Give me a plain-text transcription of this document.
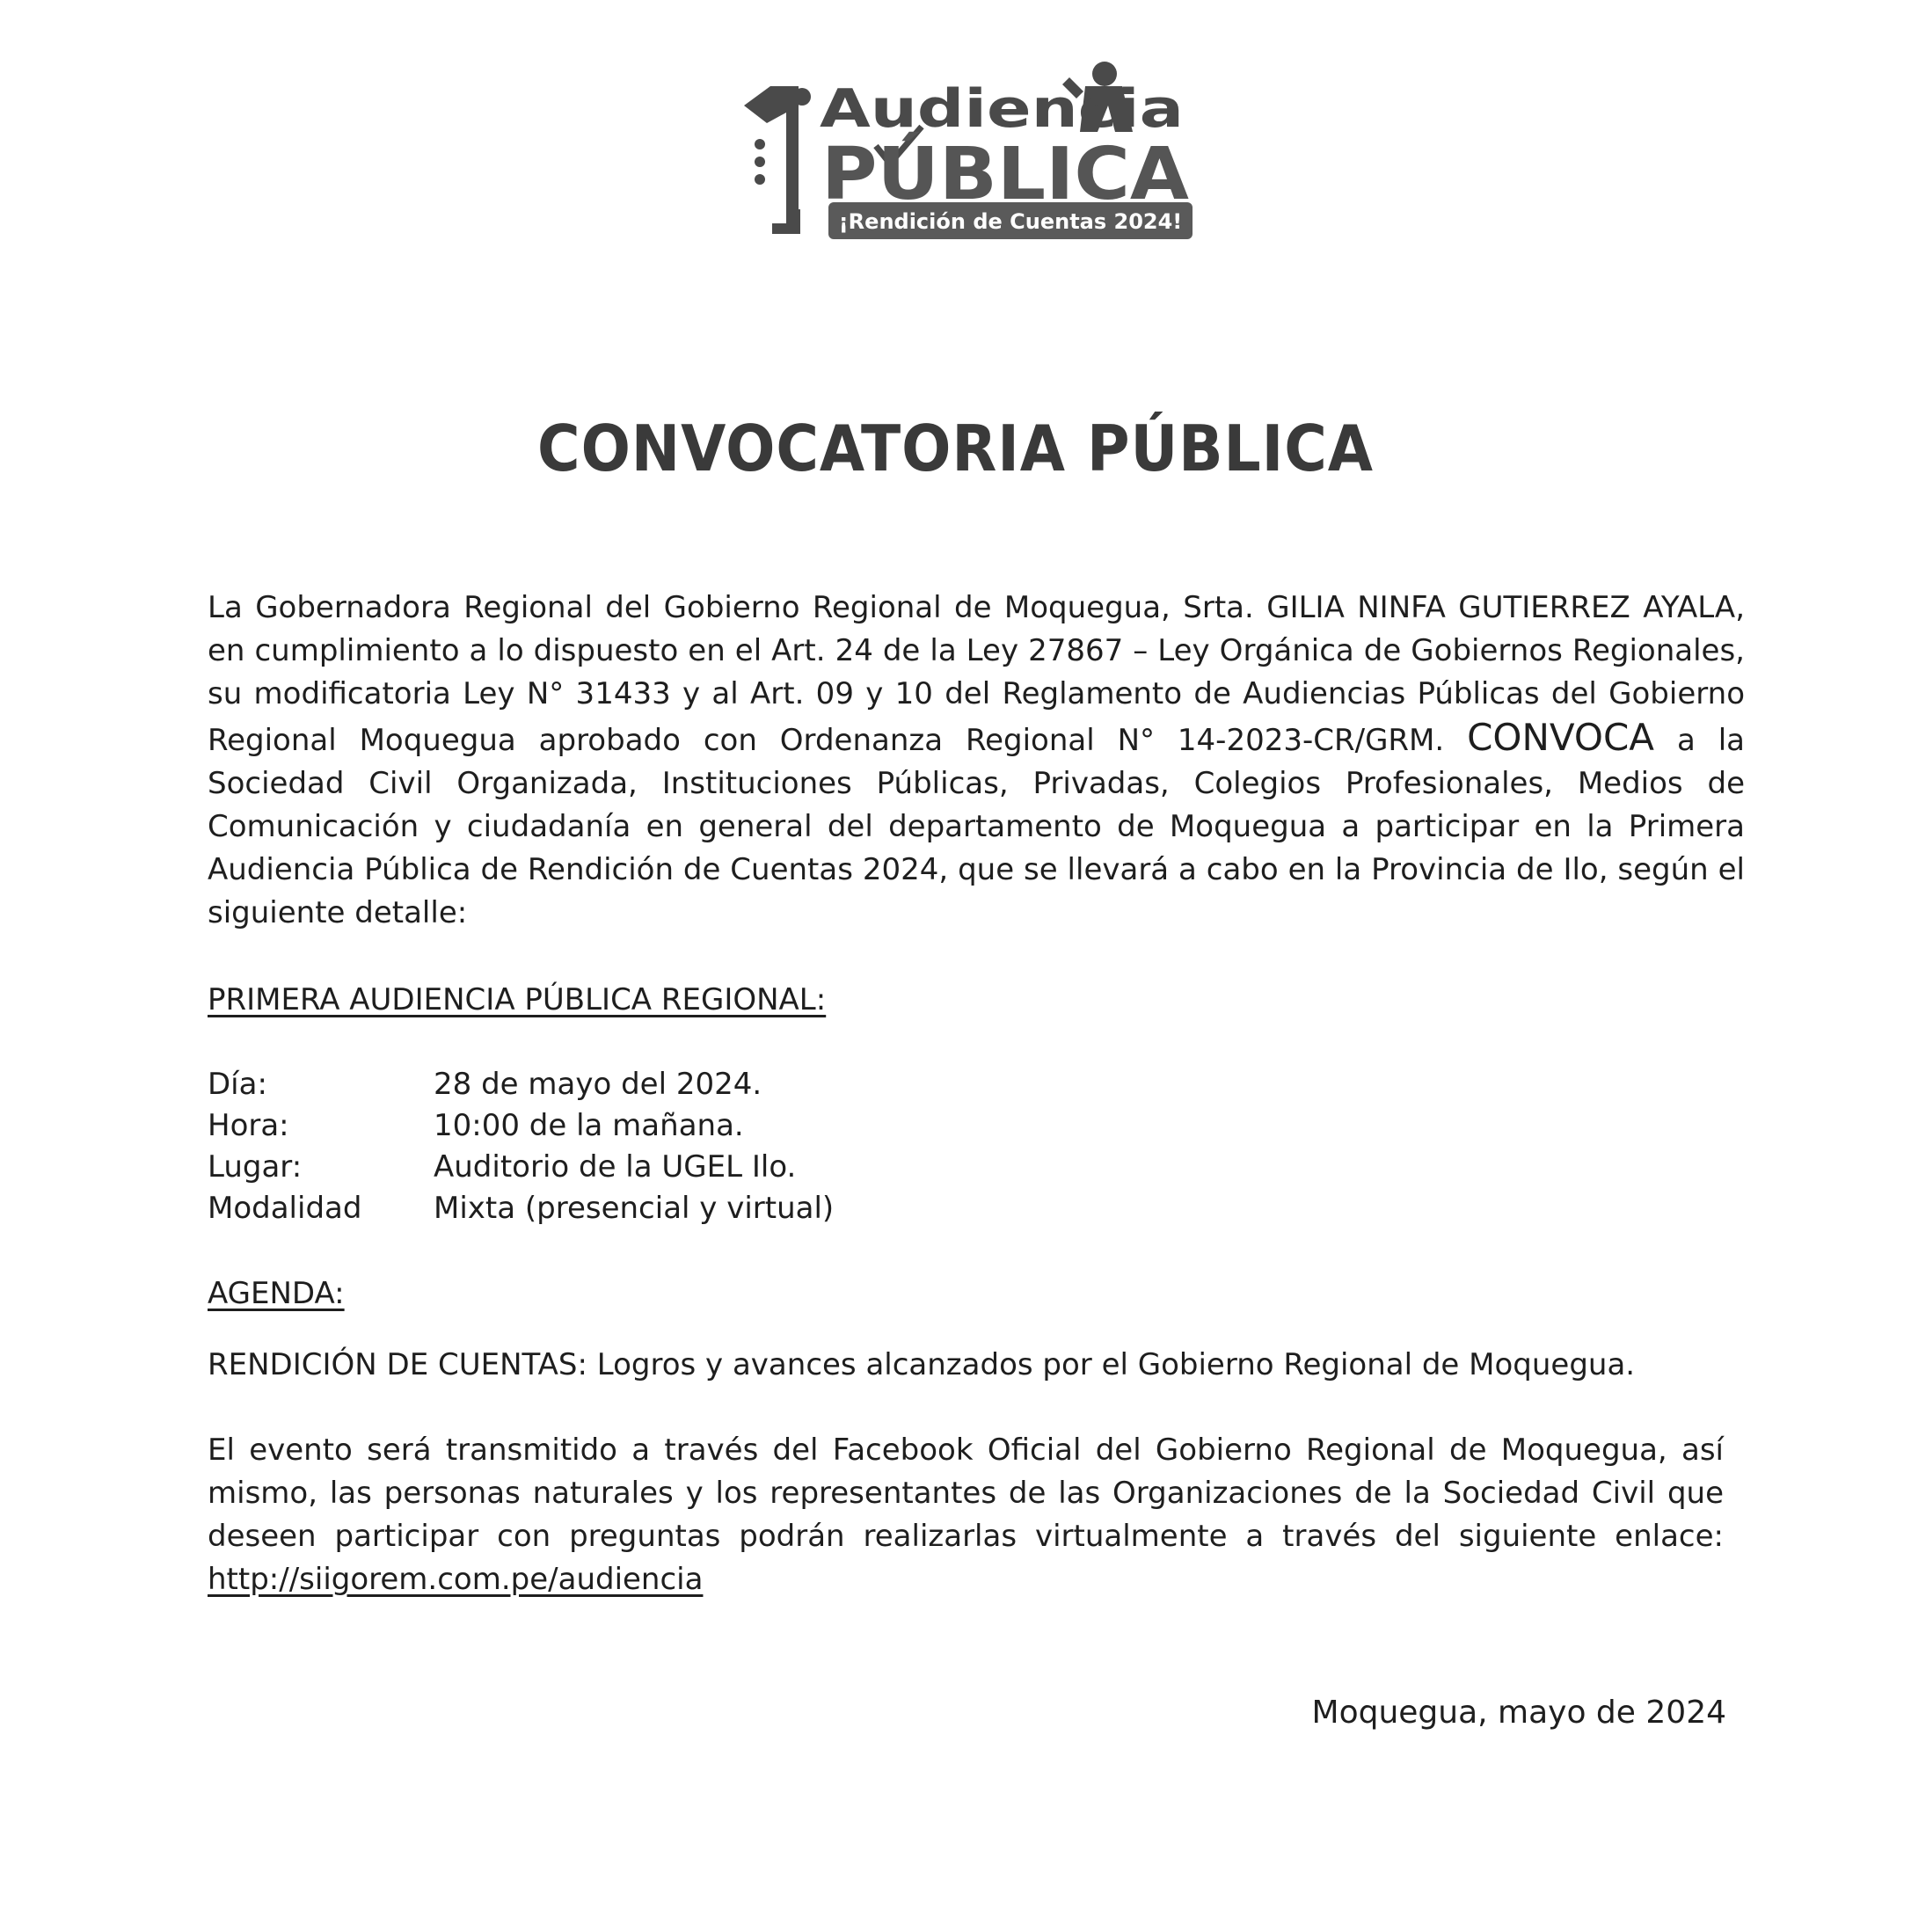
Audiencia
PÚBLICA
¡Rendición de Cuentas 2024!
CONVOCATORIA PÚBLICA
La Gobernadora Regional del Gobierno Regional de Moquegua, Srta. GILIA NINFA GUTIERREZ AYALA, en cumplimiento a lo dispuesto en el Art. 24 de la Ley 27867 – Ley Orgánica de Gobiernos Regionales, su modificatoria Ley N° 31433 y al Art. 09 y 10 del Reglamento de Audiencias Públicas del Gobierno Regional Moquegua aprobado con Ordenanza Regional N° 14-2023-CR/GRM. CONVOCA a la Sociedad Civil Organizada, Instituciones Públicas, Privadas, Colegios Profesionales, Medios de Comunicación y ciudadanía en general del departamento de Moquegua a participar en la Primera Audiencia Pública de Rendición de Cuentas 2024, que se llevará a cabo en la Provincia de Ilo, según el siguiente detalle:
PRIMERA AUDIENCIA PÚBLICA REGIONAL:
Día:	28 de mayo del 2024.
Hora:	10:00 de la mañana.
Lugar:	Auditorio de la UGEL Ilo.
Modalidad	Mixta (presencial y virtual)
AGENDA:
RENDICIÓN DE CUENTAS: Logros y avances alcanzados por el Gobierno Regional de Moquegua.
El evento será transmitido a través del Facebook Oficial del Gobierno Regional de Moquegua, así mismo, las personas naturales y los representantes de las Organizaciones de la Sociedad Civil que deseen participar con preguntas podrán realizarlas virtualmente a través del siguiente enlace: http://siigorem.com.pe/audiencia
Moquegua, mayo de 2024
